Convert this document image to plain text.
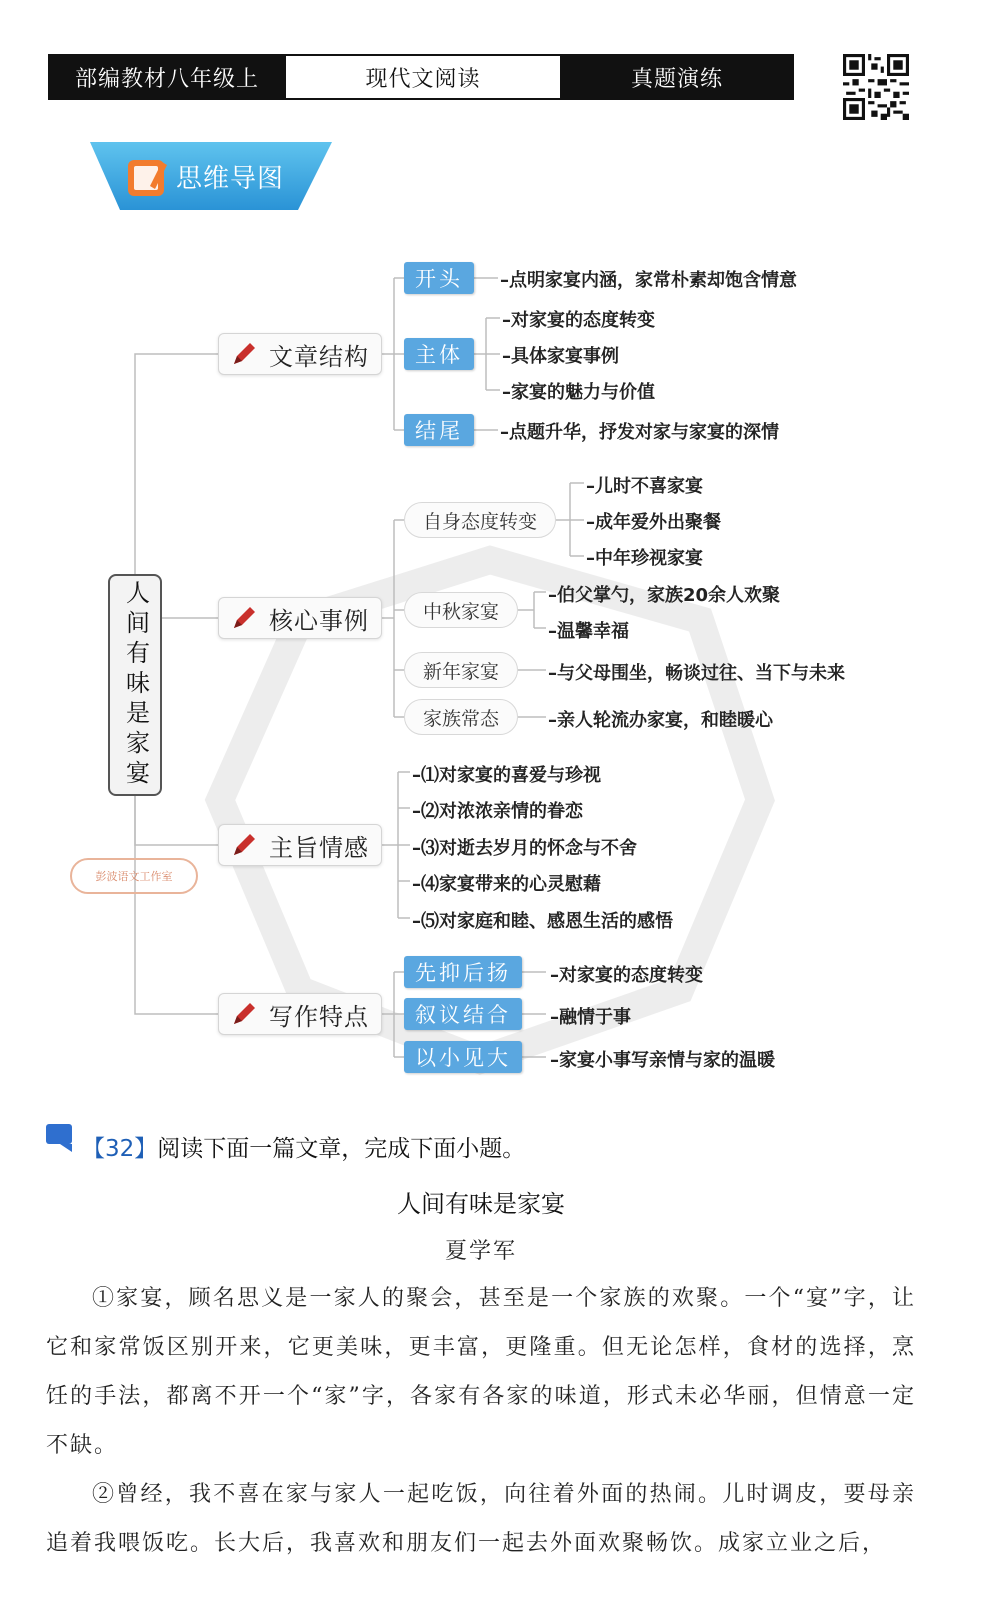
部编教材八年级上	现代文阅读	真题演练
思维导图
人间有味是家宴
文章结构
开头
主体
结尾
–点明家宴内涵，家常朴素却饱含情意
–对家宴的态度转变
–具体家宴事例
–家宴的魅力与价值
–点题升华，抒发对家与家宴的深情
核心事例
自身态度转变
中秋家宴
新年家宴
家族常态
–儿时不喜家宴
–成年爱外出聚餐
–中年珍视家宴
–伯父掌勺，家族20余人欢聚
–温馨幸福
–与父母围坐，畅谈过往、当下与未来
–亲人轮流办家宴，和睦暖心
主旨情感
–⑴对家宴的喜爱与珍视
–⑵对浓浓亲情的眷恋
–⑶对逝去岁月的怀念与不舍
–⑷家宴带来的心灵慰藉
–⑸对家庭和睦、感恩生活的感悟
彭波语文工作室
写作特点
先抑后扬
叙议结合
以小见大
–对家宴的态度转变
–融情于事
–家宴小事写亲情与家的温暖
【32】阅读下面一篇文章，完成下面小题。
人间有味是家宴
夏学军
①家宴，顾名思义是一家人的聚会，甚至是一个家族的欢聚。一个“宴”字，让它和家常饭区别开来，它更美味，更丰富，更隆重。但无论怎样，食材的选择，烹饪的手法，都离不开一个“家”字，各家有各家的味道，形式未必华丽，但情意一定不缺。
②曾经，我不喜在家与家人一起吃饭，向往着外面的热闹。儿时调皮，要母亲追着我喂饭吃。长大后，我喜欢和朋友们一起去外面欢聚畅饮。成家立业之后，
